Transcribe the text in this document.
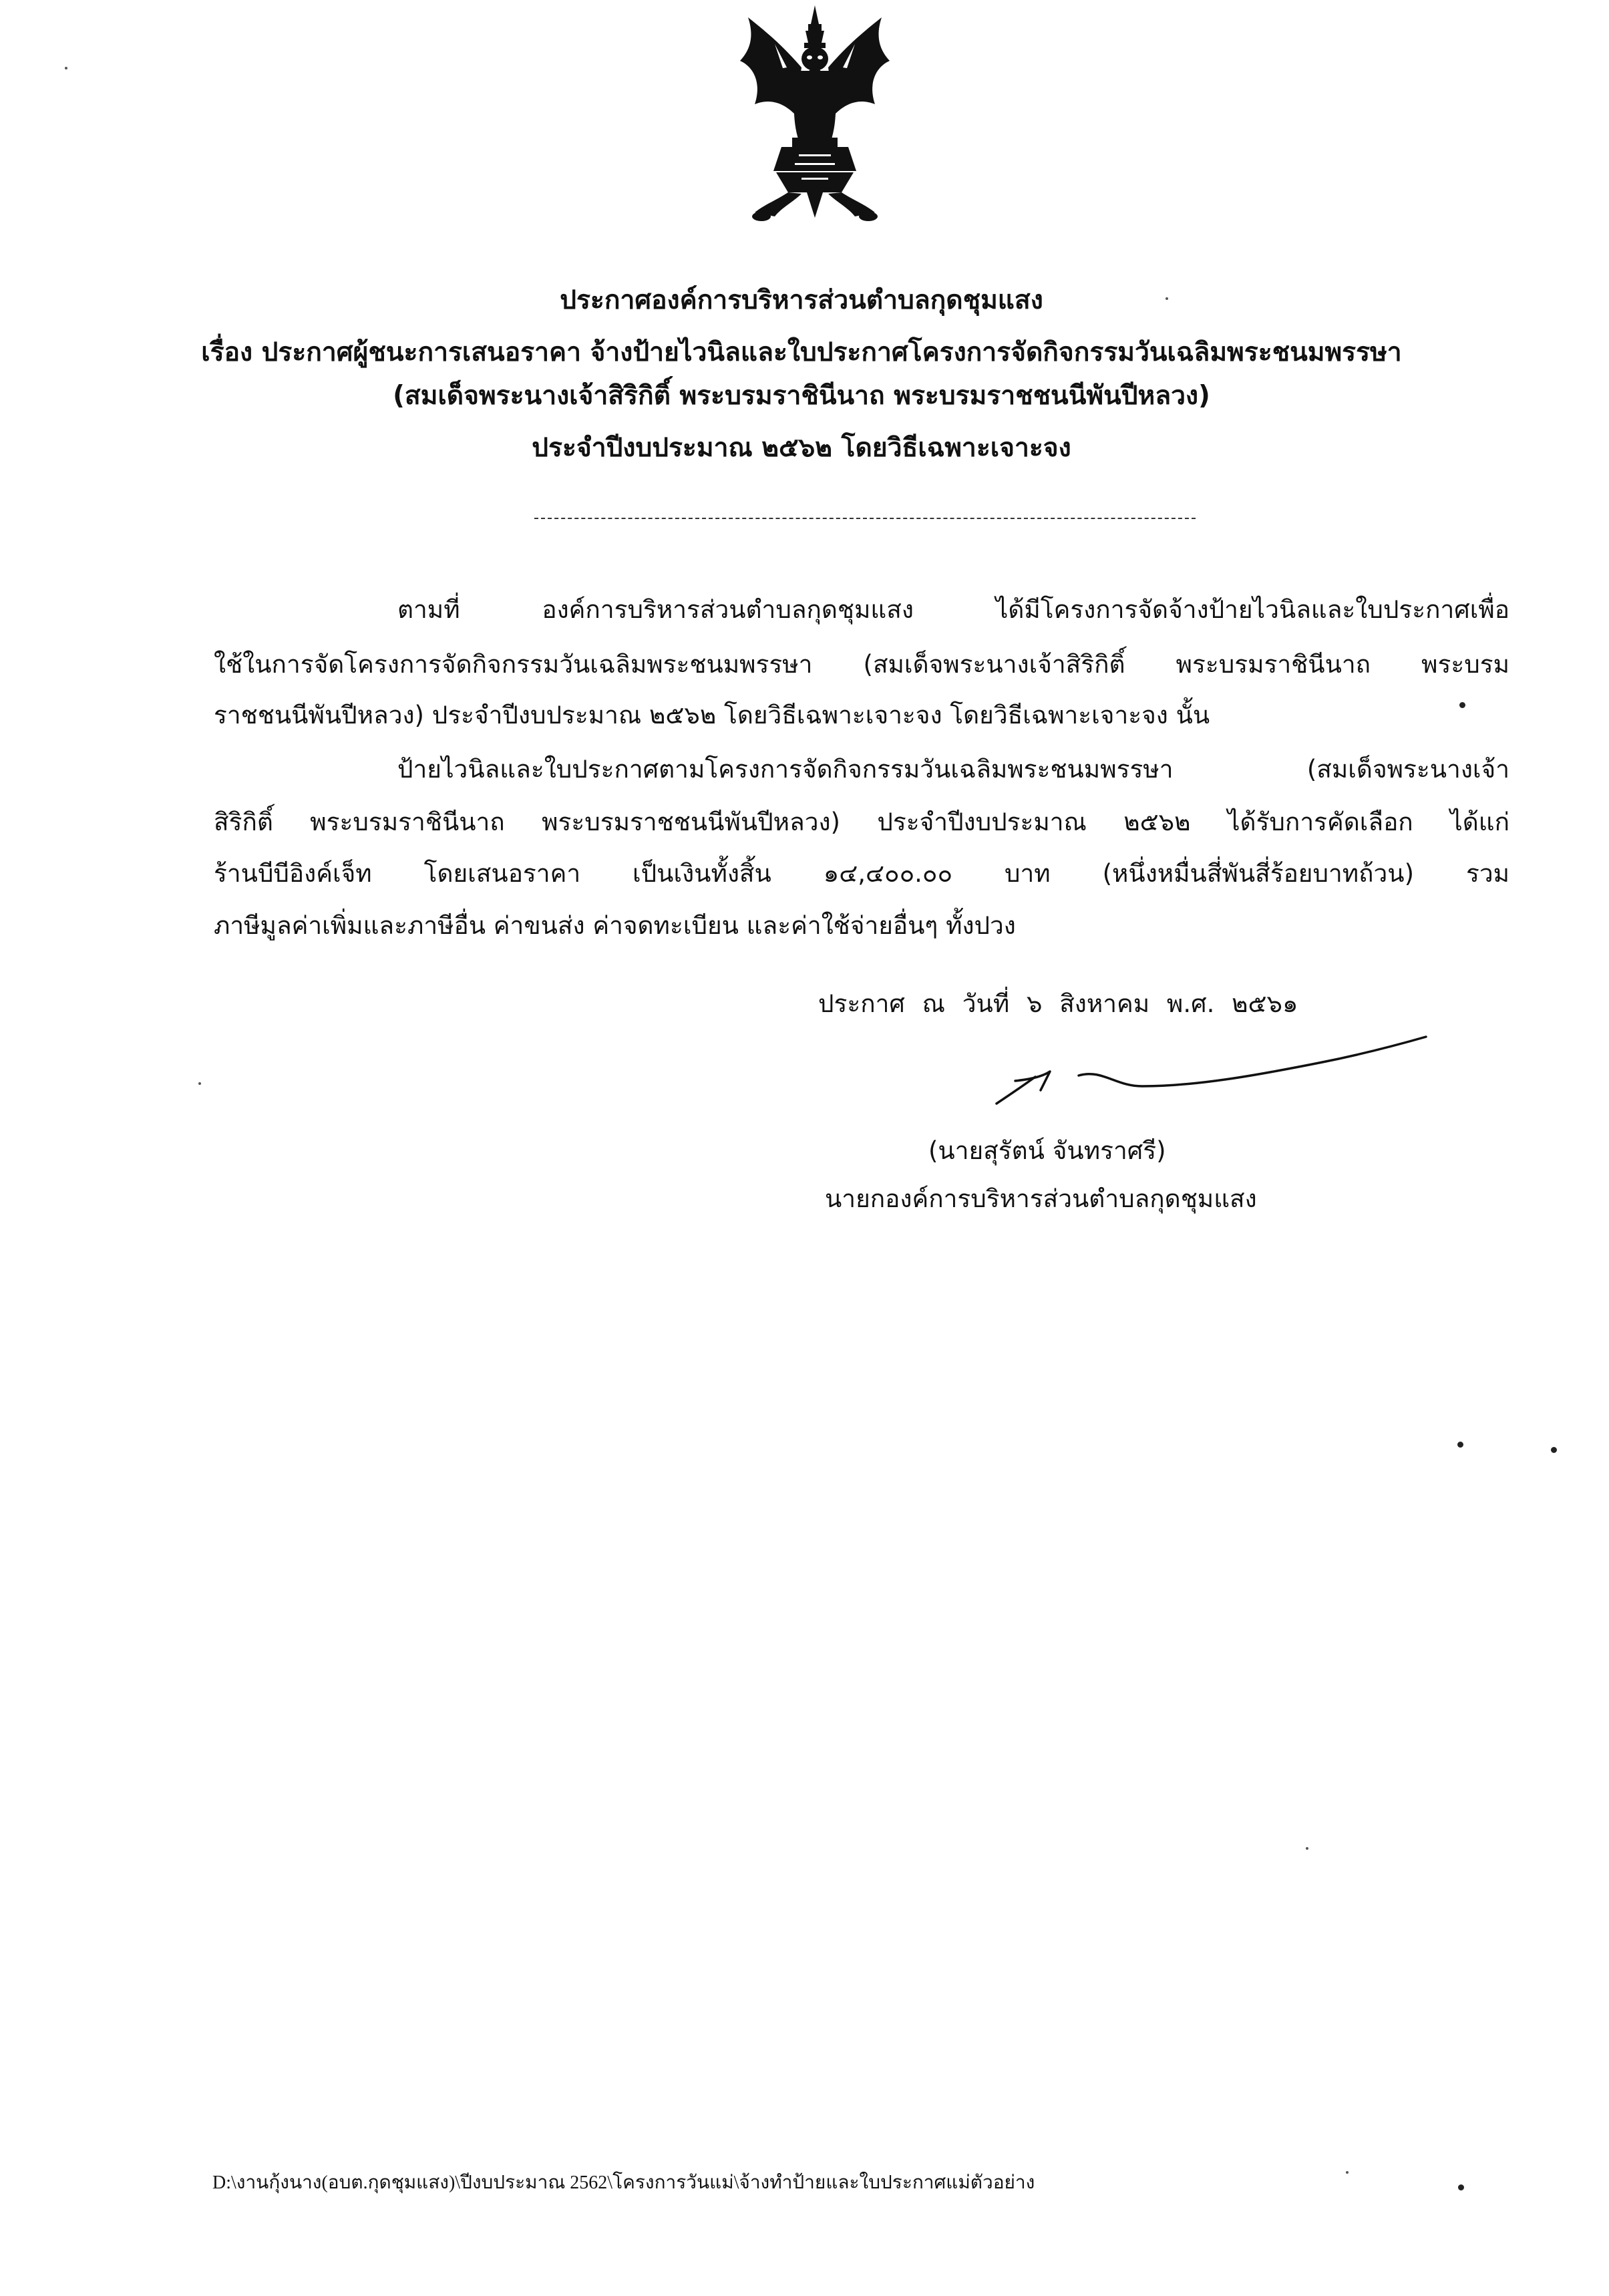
ประกาศองค์การบริหารส่วนตำบลกุดชุมแสง
เรื่อง ประกาศผู้ชนะการเสนอราคา จ้างป้ายไวนิลและใบประกาศโครงการจัดกิจกรรมวันเฉลิมพระชนมพรรษา
(สมเด็จพระนางเจ้าสิริกิติ์ พระบรมราชินีนาถ พระบรมราชชนนีพันปีหลวง)
ประจำปีงบประมาณ ๒๕๖๒ โดยวิธีเฉพาะเจาะจง
ตามที่ องค์การบริหารส่วนตำบลกุดชุมแสง ได้มีโครงการจัดจ้างป้ายไวนิลและใบประกาศเพื่อ
ใช้ในการจัดโครงการจัดกิจกรรมวันเฉลิมพระชนมพรรษา (สมเด็จพระนางเจ้าสิริกิติ์ พระบรมราชินีนาถ พระบรม
ราชชนนีพันปีหลวง) ประจำปีงบประมาณ ๒๕๖๒ โดยวิธีเฉพาะเจาะจง โดยวิธีเฉพาะเจาะจง นั้น
ป้ายไวนิลและใบประกาศตามโครงการจัดกิจกรรมวันเฉลิมพระชนมพรรษา (สมเด็จพระนางเจ้า
สิริกิติ์ พระบรมราชินีนาถ พระบรมราชชนนีพันปีหลวง) ประจำปีงบประมาณ ๒๕๖๒ ได้รับการคัดเลือก ได้แก่
ร้านบีบีอิงค์เจ็ท โดยเสนอราคา เป็นเงินทั้งสิ้น ๑๔,๔๐๐.๐๐ บาท (หนึ่งหมื่นสี่พันสี่ร้อยบาทถ้วน) รวม
ภาษีมูลค่าเพิ่มและภาษีอื่น ค่าขนส่ง ค่าจดทะเบียน และค่าใช้จ่ายอื่นๆ ทั้งปวง
ประกาศ ณ วันที่ ๖ สิงหาคม พ.ศ. ๒๕๖๑
(นายสุรัตน์ จันทราศรี)
นายกองค์การบริหารส่วนตำบลกุดชุมแสง
D:\งานกุ้งนาง(อบต.กุดชุมแสง)\ปีงบประมาณ 2562\โครงการวันแม่\จ้างทำป้ายและใบประกาศแม่ตัวอย่าง
